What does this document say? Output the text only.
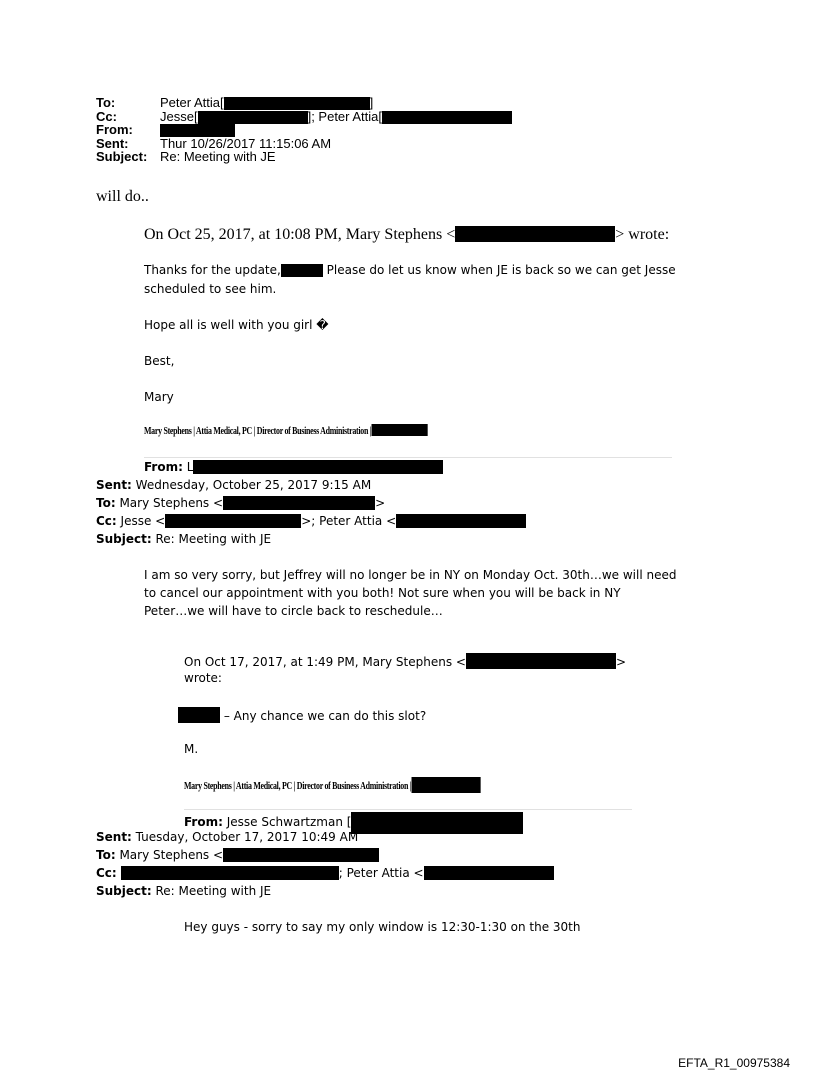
To:	Peter Attia[	]
Cc:	Jesse[	]; Peter Attia[
From:
Sent: Thur 10/26/2017 11:15:06 AM
Subject: Re: Meeting with JE
will do..
On Oct 25, 2017, at 10:08 PM, Mary Stephens <	> wrote:
Thanks for the update,	Please do let us know when JE is back so we can get Jesse
scheduled to see him.
Hope all is well with you girl �
Best,
Mary
Mary Stephens | Attia Medical, PC | Director of Business Administration |
From: L
Sent: Wednesday, October 25, 2017 9:15 AM
To: Mary Stephens <	>
Cc: Jesse <	>; Peter Attia <
Subject: Re: Meeting with JE
I am so very sorry, but Jeffrey will no longer be in NY on Monday Oct. 30th…we will need
to cancel our appointment with you both! Not sure when you will be back in NY
Peter…we will have to circle back to reschedule…
On Oct 17, 2017, at 1:49 PM, Mary Stephens <	>
wrote:
– Any chance we can do this slot?
M.
Mary Stephens | Attia Medical, PC | Director of Business Administration |
From: Jesse Schwartzman [
Sent: Tuesday, October 17, 2017 10:49 AM
To: Mary Stephens <
Cc:	; Peter Attia <
Subject: Re: Meeting with JE
Hey guys - sorry to say my only window is 12:30-1:30 on the 30th
EFTA_R1_00975384
